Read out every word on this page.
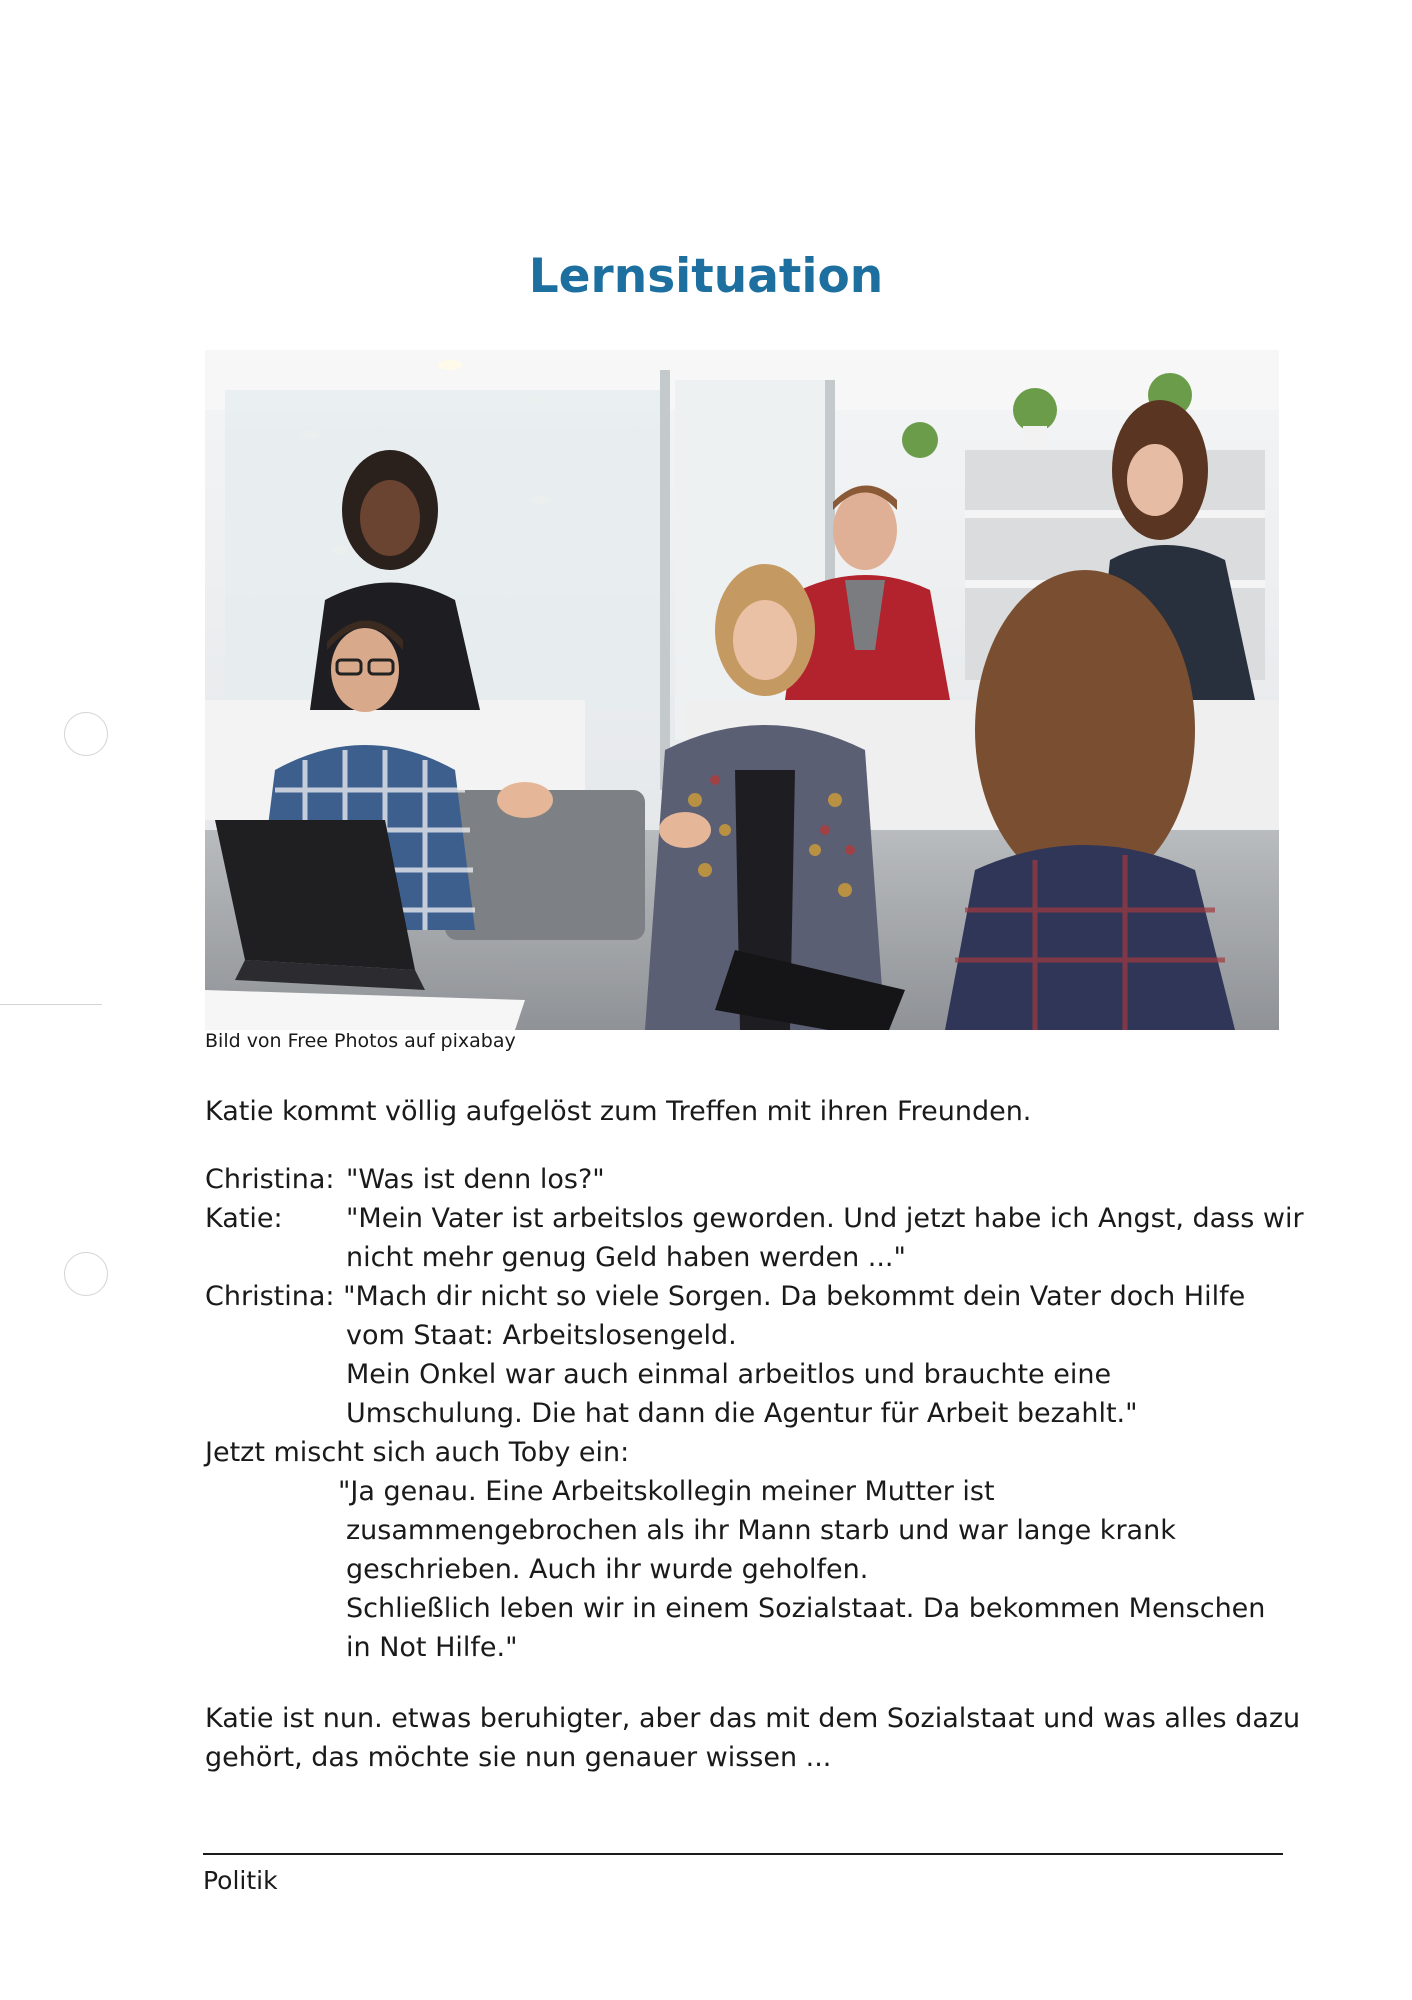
Lernsituation
Bild von Free Photos auf pixabay
Katie kommt völlig aufgelöst zum Treffen mit ihren Freunden.
Christina: "Was ist denn los?"
Katie: "Mein Vater ist arbeitslos geworden. Und jetzt habe ich Angst, dass wir
nicht mehr genug Geld haben werden ..."
Christina: "Mach dir nicht so viele Sorgen. Da bekommt dein Vater doch Hilfe
vom Staat: Arbeitslosengeld.
Mein Onkel war auch einmal arbeitlos und brauchte eine
Umschulung. Die hat dann die Agentur für Arbeit bezahlt."
Jetzt mischt sich auch Toby ein:
"Ja genau. Eine Arbeitskollegin meiner Mutter ist
zusammengebrochen als ihr Mann starb und war lange krank
geschrieben. Auch ihr wurde geholfen.
Schließlich leben wir in einem Sozialstaat. Da bekommen Menschen
in Not Hilfe."
Katie ist nun. etwas beruhigter, aber das mit dem Sozialstaat und was alles dazu
gehört, das möchte sie nun genauer wissen ...
Politik
